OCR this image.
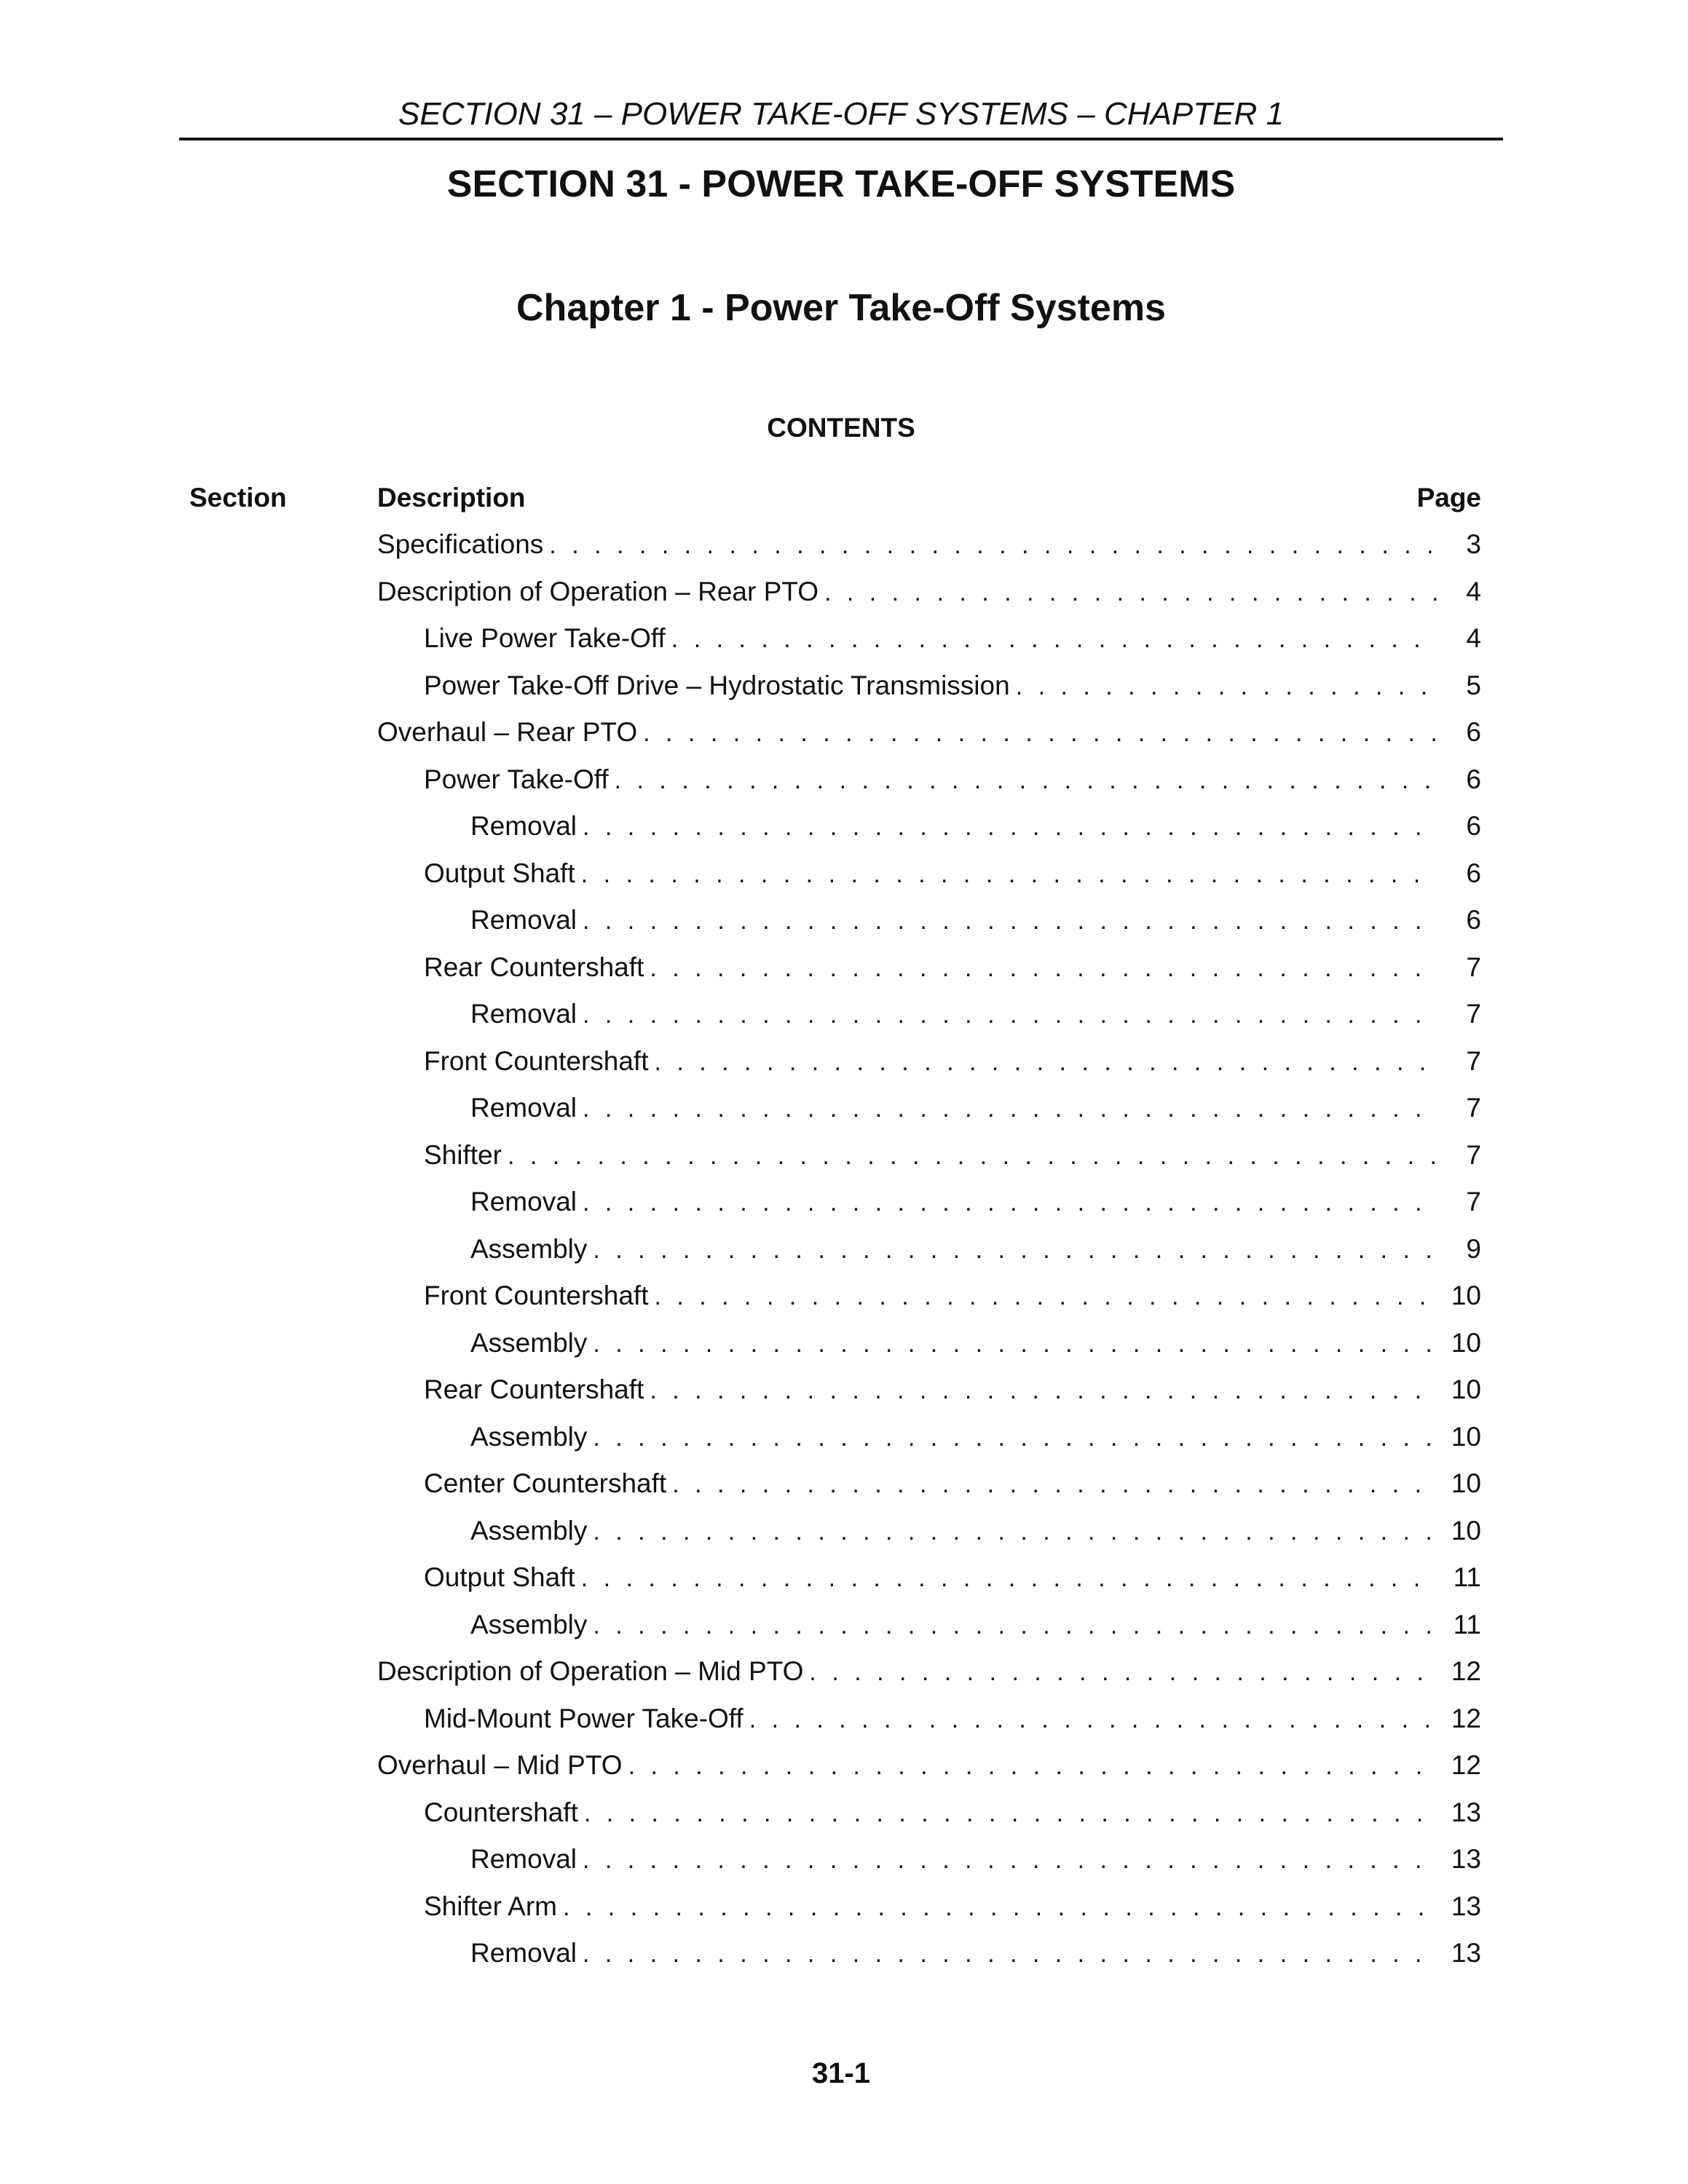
SECTION 31 – POWER TAKE-OFF SYSTEMS – CHAPTER 1
SECTION 31 - POWER TAKE-OFF SYSTEMS
Chapter 1 - Power Take-Off Systems
CONTENTS
Section	Description	Page
Specifications . . .	3
Description of Operation – Rear PTO . . .	4
Live Power Take-Off . . .	4
Power Take-Off Drive – Hydrostatic Transmission . . .	5
Overhaul – Rear PTO . . .	6
Power Take-Off . . .	6
Removal . . .	6
Output Shaft . . .	6
Removal . . .	6
Rear Countershaft . . .	7
Removal . . .	7
Front Countershaft . . .	7
Removal . . .	7
Shifter . . .	7
Removal . . .	7
Assembly . . .	9
Front Countershaft . . .	10
Assembly . . .	10
Rear Countershaft . . .	10
Assembly . . .	10
Center Countershaft . . .	10
Assembly . . .	10
Output Shaft . . .	11
Assembly . . .	11
Description of Operation – Mid PTO . . .	12
Mid-Mount Power Take-Off . . .	12
Overhaul – Mid PTO . . .	12
Countershaft . . .	13
Removal . . .	13
Shifter Arm . . .	13
Removal . . .	13
31-1
